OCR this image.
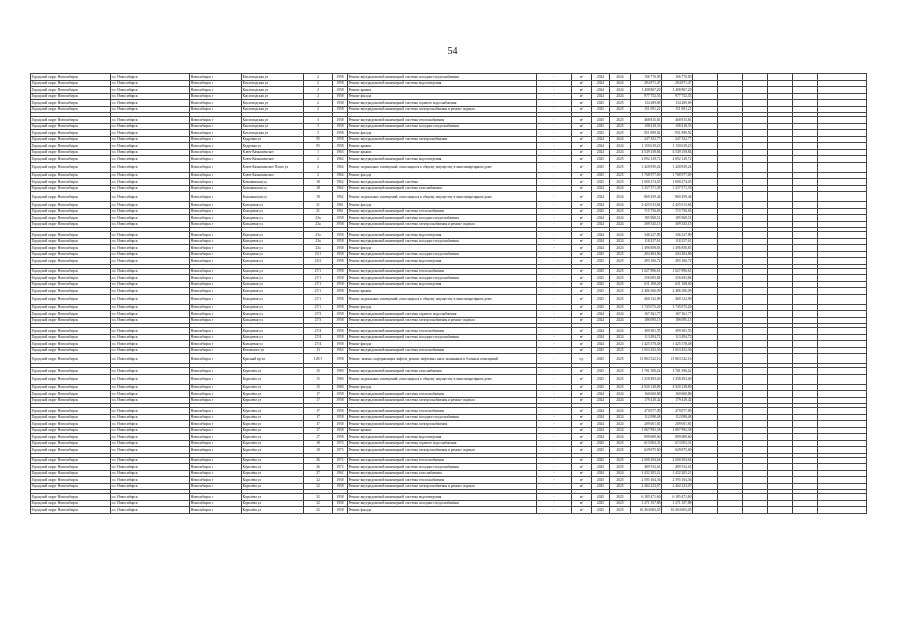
54
Городской округ Новосибирск	г.п. Новосибирск	Новосибирск г	Кисловодская ул	2	1958	Ремонт внутридомовой инженерной системы холодного водоснабжения	-	м³	2024	2024	106 770,05	106 770,05						
Городской округ Новосибирск	г.п. Новосибирск	Новосибирск г	Кисловодская ул	2	1958	Ремонт внутридомовой инженерной системы водоотведения	-	м³	2024	2024	294 871,47	294 871,47						
Городской округ Новосибирск	г.п. Новосибирск	Новосибирск г	Кисловодская ул	2	1958	Ремонт крыши	-	м²	2024	2024	1 408 867,20	1 408 867,20						
Городской округ Новосибирск	г.п. Новосибирск	Новосибирск г	Кисловодская ул	2	1958	Ремонт фасада	-	м²	2024	2024	977 752,53	977 752,53						
Городской округ Новосибирск	г.п. Новосибирск	Новосибирск г	Кисловодская ул	2	1958	Ремонт внутридомовой инженерной системы горячего водоснабжения	-	м³	2025	2025	134 289,69	134 289,69						
Городской округ Новосибирск	г.п. Новосибирск	Новосибирск г	Кисловодская ул	2	1958	Ремонт внутридомовой инженерной системы электроснабжения и ремонт подвала	-	м²	2025	2025	151 691,21	151 691,21						

Городской округ Новосибирск	г.п. Новосибирск	Новосибирск г	Кисловодская ул	3	1958	Ремонт внутридомовой инженерной системы теплоснабжения	-	м³	2025	2025	468 815,81	468 815,81						
Городской округ Новосибирск	г.п. Новосибирск	Новосибирск г	Кисловодская ул	3	1958	Ремонт внутридомовой инженерной системы холодного водоснабжения	-	м³	2025	2025	108 418,33	108 418,33						
Городской округ Новосибирск	г.п. Новосибирск	Новосибирск г	Кисловодская ул	3	1958	Ремонт фасада	-	м²	2025	2025	951 899,92	951 899,92						
Городской округ Новосибирск	г.п. Новосибирск	Новосибирск г	Кедровая ул	95	1958	Ремонт внутридомовой инженерной системы электроснабжения	-	м²	2024	2024	247 352,77	247 352,77						
Городской округ Новосибирск	г.п. Новосибирск	Новосибирск г	Кедровая ул	95	1958	Ремонт крыши	-	м²	2024	2024	1 150 619,23	1 150 619,23						
Городской округ Новосибирск	г.п. Новосибирск	Новосибирск г	Ключ-Камышенское	1	1963	Ремонт крыши	-	м²	2024	2024	4 549 158,84	4 549 158,84						
Городской округ Новосибирск	г.п. Новосибирск	Новосибирск г	Ключ-Камышенское	2	1964	Ремонт внутридомовой инженерной системы водоотведения	-	м³	2025	2025	2 092 129,72	2 092 129,72						
Городской округ Новосибирск	г.п. Новосибирск	Новосибирск г	Ключ-Камышенское Плато ул	2	1964	Ремонт подвальных помещений, относящихся к общему имуществу в многоквартирном доме	-	м²	2025	2025	1 428 839,24	1 428 839,24						
Городской округ Новосибирск	г.п. Новосибирск	Новосибирск г	Ключ-Камышенское	2	1964	Ремонт фасада	-	м²	2025	2025	1 768 977,69	1 768 977,69						
Городской округ Новосибирск	г.п. Новосибирск	Новосибирск г	Колыванская ул	18	1962	Ремонт внутридомовой инженерной системы	-	м³	2025	2025	1 000 274,45	1 000 274,45						
Городской округ Новосибирск	г.п. Новосибирск	Новосибирск г	Колыванская ул	18	1962	Ремонт внутридомовой инженерной системы газоснабжения	-	м³	2024	2024	1 237 571,39	1 237 571,39						
Городской округ Новосибирск	г.п. Новосибирск	Новосибирск г	Колыванская ул	18	1962	Ремонт подвальных помещений, относящихся к общему имуществу в многоквартирном доме	-	м²	2024	2024	860 459,44	860 459,44						
Городской округ Новосибирск	г.п. Новосибирск	Новосибирск г	Кольцевая ул	21	1961	Ремонт фасада	-	м²	2024	2024	2 425 013,84	2 425 013,84						
Городской округ Новосибирск	г.п. Новосибирск	Новосибирск г	Кольцевая ул	21	1961	Ремонт внутридомовой инженерной системы теплоснабжения	-	м³	2025	2025	715 756,65	715 756,65						
Городской округ Новосибирск	г.п. Новосибирск	Новосибирск г	Кольцевая ул	23a	1958	Ремонт внутридомовой инженерной системы холодного водоснабжения	-	м³	2024	2024	185 968,51	185 968,51						
Городской округ Новосибирск	г.п. Новосибирск	Новосибирск г	Кольцевая ул	23a	1958	Ремонт внутридомовой инженерной системы электроснабжения и ремонт подвала	-	м²	2024	2024	309 545,15	309 545,15						

Городской округ Новосибирск	г.п. Новосибирск	Новосибирск г	Кольцевая ул	23a	1958	Ремонт внутридомовой инженерной системы водоотведения	-	м³	2024	2024	346 227,89	346 227,89						
Городской округ Новосибирск	г.п. Новосибирск	Новосибирск г	Кольцевая ул	23a	1958	Ремонт внутридомовой инженерной системы холодного водоснабжения	-	м³	2024	2024	118 237,61	118 237,61						
Городской округ Новосибирск	г.п. Новосибирск	Новосибирск г	Кольцевая ул	23a	1958	Ремонт фасада	-	м²	2024	2024	1 496 858,83	1 496 858,83						
Городской округ Новосибирск	г.п. Новосибирск	Новосибирск г	Кольцевая ул	23/1	1958	Ремонт внутридомовой инженерной системы холодного водоснабжения	-	м³	2025	2025	204 484,86	204 484,86						
Городской округ Новосибирск	г.п. Новосибирск	Новосибирск г	Кольцевая ул	23/2	1958	Ремонт внутридомовой инженерной системы водоотведения	-	м³	2025	2025	495 106,72	495 106,72						

Городской округ Новосибирск	г.п. Новосибирск	Новосибирск г	Кольцевая ул	27/1	1958	Ремонт внутридомовой инженерной системы теплоснабжения	-	м³	2025	2025	1 027 896,61	1 027 896,61						
Городской округ Новосибирск	г.п. Новосибирск	Новосибирск г	Кольцевая ул	27/1	1958	Ремонт внутридомовой инженерной системы холодного водоснабжения	-	м³	2025	2025	256 693,84	256 693,84						
Городской округ Новосибирск	г.п. Новосибирск	Новосибирск г	Кольцевая ул	27/1	1958	Ремонт внутридомовой инженерной системы водоотведения	-	м³	2025	2025	611 108,40	611 108,40						
Городской округ Новосибирск	г.п. Новосибирск	Новосибирск г	Кольцевая ул	27/1	1958	Ремонт крыши	-	м²	2025	2025	2 486 306,09	2 486 306,09						
Городской округ Новосибирск	г.п. Новосибирск	Новосибирск г	Кольцевая ул	27/1	1958	Ремонт подвальных помещений, относящихся к общему имуществу в многоквартирном доме	-	м²	2025	2025	460 122,90	460 122,90						
Городской округ Новосибирск	г.п. Новосибирск	Новосибирск г	Кольцевая ул	27/1	1958	Ремонт фасада	-	м²	2025	2025	1 745 072,20	1 745 072,20						
Городской округ Новосибирск	г.п. Новосибирск	Новосибирск г	Кольцевая ул	27/3	1958	Ремонт внутридомовой инженерной системы горячего водоснабжения	-	м³	2024	2024	167 361,77	167 361,77						
Городской округ Новосибирск	г.п. Новосибирск	Новосибирск г	Кольцевая ул	27/3	1958	Ремонт внутридомовой инженерной системы электроснабжения и ремонт подвала	-	м²	2024	2024	186 095,15	186 095,15						

Городской округ Новосибирск	г.п. Новосибирск	Новосибирск г	Кольцевая ул	27/4	1958	Ремонт внутридомовой инженерной системы теплоснабжения	-	м³	2024	2024	499 381,55	499 381,55						
Городской округ Новосибирск	г.п. Новосибирск	Новосибирск г	Кольцевая ул	27/4	1958	Ремонт внутридомовой инженерной системы холодного водоснабжения	-	м³	2024	2024	113 494,72	113 494,72						
Городской округ Новосибирск	г.п. Новосибирск	Новосибирск г	Кольцевая ул	27/4	1958	Ремонт фасада	-	м²	2024	2024	1 425 578,48	1 425 578,48						
Городской округ Новосибирск	г.п. Новосибирск	Новосибирск г	Котовского ул	13	1963	Ремонт внутридомовой инженерной системы теплоснабжения	-	м³	2025	2025	1 653 452,36	1 653 452,36						
Городской округ Новосибирск	г.п. Новосибирск	Новосибирск г	Красный пр-кт	129/1	1958	Ремонт, замена, модернизация лифтов, ремонт лифтовых шахт, машинных и блочных помещений	-	ед.	2025	2025	13 863 522,16	13 863 522,16						

Городской округ Новосибирск	г.п. Новосибирск	Новосибирск г	Королёва ул	15	1960	Ремонт внутридомовой инженерной системы газоснабжения	-	м³	2025	2025	1 781 396,42	1 781 396,42						
Городской округ Новосибирск	г.п. Новосибирск	Новосибирск г	Королёва ул	15	1960	Ремонт подвальных помещений, относящихся к общему имуществу в многоквартирном доме	-	м²	2025	2025	1 258 493,40	1 258 493,40						
Городской округ Новосибирск	г.п. Новосибирск	Новосибирск г	Королёва ул	15	1960	Ремонт фасада	-	м²	2025	2025	4 920 138,80	4 920 138,80						
Городской округ Новосибирск	г.п. Новосибирск	Новосибирск г	Королёва ул	17	1958	Ремонт внутридомовой инженерной системы теплоснабжения	-	м³	2024	2024	160 660,86	160 660,86						
Городской округ Новосибирск	г.п. Новосибирск	Новосибирск г	Королёва ул	17	1958	Ремонт внутридомовой инженерной системы электроснабжения и ремонт подвала	-	м²	2024	2024	179 410,42	179 410,42						

Городской округ Новосибирск	г.п. Новосибирск	Новосибирск г	Королёва ул	17	1958	Ремонт внутридомовой инженерной системы теплоснабжения	-	м³	2024	2024	470 077,09	470 077,09						
Городской округ Новосибирск	г.п. Новосибирск	Новосибирск г	Королёва ул	17	1958	Ремонт внутридомовой инженерной системы холодного водоснабжения	-	м³	2024	2024	112 098,48	112 098,48						
Городской округ Новосибирск	г.п. Новосибирск	Новосибирск г	Королёва ул	17	1958	Ремонт внутридомовой инженерной системы электроснабжения	-	м²	2024	2024	209 001,81	209 001,81						
Городской округ Новосибирск	г.п. Новосибирск	Новосибирск г	Королёва ул	17	1958	Ремонт крыши	-	м²	2024	2024	1 067 992,38	1 067 992,38						
Городской округ Новосибирск	г.п. Новосибирск	Новосибирск г	Королёва ул	17	1958	Ремонт внутридомовой инженерной системы водоотведения	-	м³	2024	2024	899 689,60	899 689,60						
Городской округ Новосибирск	г.п. Новосибирск	Новосибирск г	Королёва ул	18	1973	Ремонт внутридомовой инженерной системы горячего водоснабжения	-	м³	2025	2025	613 063,31	613 063,31						
Городской округ Новосибирск	г.п. Новосибирск	Новосибирск г	Королёва ул	18	1973	Ремонт внутридомовой инженерной системы электроснабжения и ремонт подвала	-	м²	2025	2025	629 875,60	629 875,60						

Городской округ Новосибирск	г.п. Новосибирск	Новосибирск г	Королёва ул	26	1972	Ремонт внутридомовой инженерной системы теплоснабжения	-	м³	2025	2025	2 600 294,64	2 600 294,64						
Городской округ Новосибирск	г.п. Новосибирск	Новосибирск г	Королёва ул	26	1972	Ремонт внутридомовой инженерной системы холодного водоснабжения	-	м³	2025	2025	489 532,61	489 532,61						
Городской округ Новосибирск	г.п. Новосибирск	Новосибирск г	Королёва ул	27	1962	Ремонт внутридомовой инженерной системы газоснабжения	-	м³	2024	2024	1 432 205,21	1 432 205,21						
Городской округ Новосибирск	г.п. Новосибирск	Новосибирск г	Королёва ул	32	1958	Ремонт внутридомовой инженерной системы теплоснабжения	-	м³	2025	2025	2 595 164,36	2 595 164,36						
Городской округ Новосибирск	г.п. Новосибирск	Новосибирск г	Королёва ул	32	1958	Ремонт внутридомовой инженерной системы электроснабжения и ремонт подвала	-	м²	2025	2025	2 462 223,07	2 462 223,07						

Городской округ Новосибирск	г.п. Новосибирск	Новосибирск г	Королёва ул	32	1958	Ремонт внутридомовой инженерной системы водоотведения	-	м³	2025	2025	6 185 471,60	6 185 471,60						
Городской округ Новосибирск	г.п. Новосибирск	Новосибирск г	Королёва ул	32	1958	Ремонт внутридомовой инженерной системы холодного водоснабжения	-	м³	2025	2025	1 271 357,88	1 271 357,88						
Городской округ Новосибирск	г.п. Новосибирск	Новосибирск г	Королёва ул	32	1958	Ремонт фасада	-	м²	2025	2025	16 264 063,45	16 264 063,45						
